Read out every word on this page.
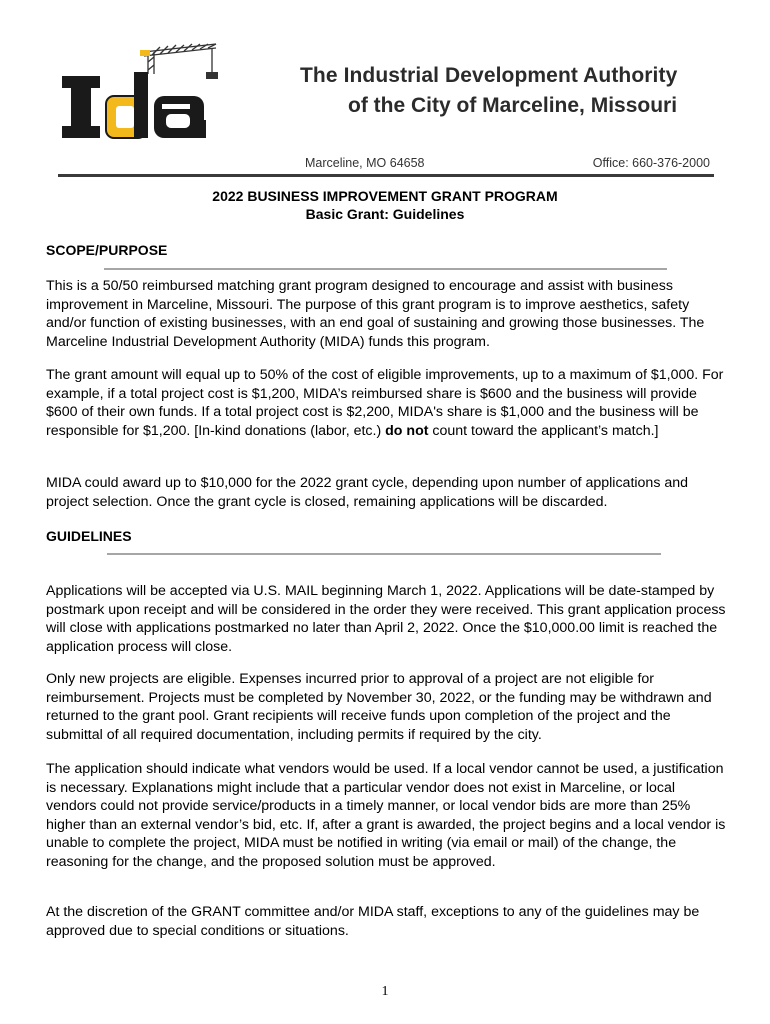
The Industrial Development Authority
of the City of Marceline, Missouri
Marceline, MO 64658	Office: 660-376-2000
2022 BUSINESS IMPROVEMENT GRANT PROGRAM
Basic Grant: Guidelines
SCOPE/PURPOSE
This is a 50/50 reimbursed matching grant program designed to encourage and assist with business improvement in Marceline, Missouri. The purpose of this grant program is to improve aesthetics, safety and/or function of existing businesses, with an end goal of sustaining and growing those businesses. The Marceline Industrial Development Authority (MIDA) funds this program.
The grant amount will equal up to 50% of the cost of eligible improvements, up to a maximum of $1,000. For example, if a total project cost is $1,200, MIDA’s reimbursed share is $600 and the business will provide $600 of their own funds. If a total project cost is $2,200, MIDA's share is $1,000 and the business will be responsible for $1,200. [In-kind donations (labor, etc.) do not count toward the applicant’s match.]
MIDA could award up to $10,000 for the 2022 grant cycle, depending upon number of applications and project selection. Once the grant cycle is closed, remaining applications will be discarded.
GUIDELINES
Applications will be accepted via U.S. MAIL beginning March 1, 2022. Applications will be date-stamped by postmark upon receipt and will be considered in the order they were received. This grant application process will close with applications postmarked no later than April 2, 2022. Once the $10,000.00 limit is reached the application process will close.
Only new projects are eligible. Expenses incurred prior to approval of a project are not eligible for reimbursement. Projects must be completed by November 30, 2022, or the funding may be withdrawn and returned to the grant pool. Grant recipients will receive funds upon completion of the project and the submittal of all required documentation, including permits if required by the city.
The application should indicate what vendors would be used. If a local vendor cannot be used, a justification is necessary. Explanations might include that a particular vendor does not exist in Marceline, or local vendors could not provide service/products in a timely manner, or local vendor bids are more than 25% higher than an external vendor’s bid, etc. If, after a grant is awarded, the project begins and a local vendor is unable to complete the project, MIDA must be notified in writing (via email or mail) of the change, the reasoning for the change, and the proposed solution must be approved.
At the discretion of the GRANT committee and/or MIDA staff, exceptions to any of the guidelines may be approved due to special conditions or situations.
1
